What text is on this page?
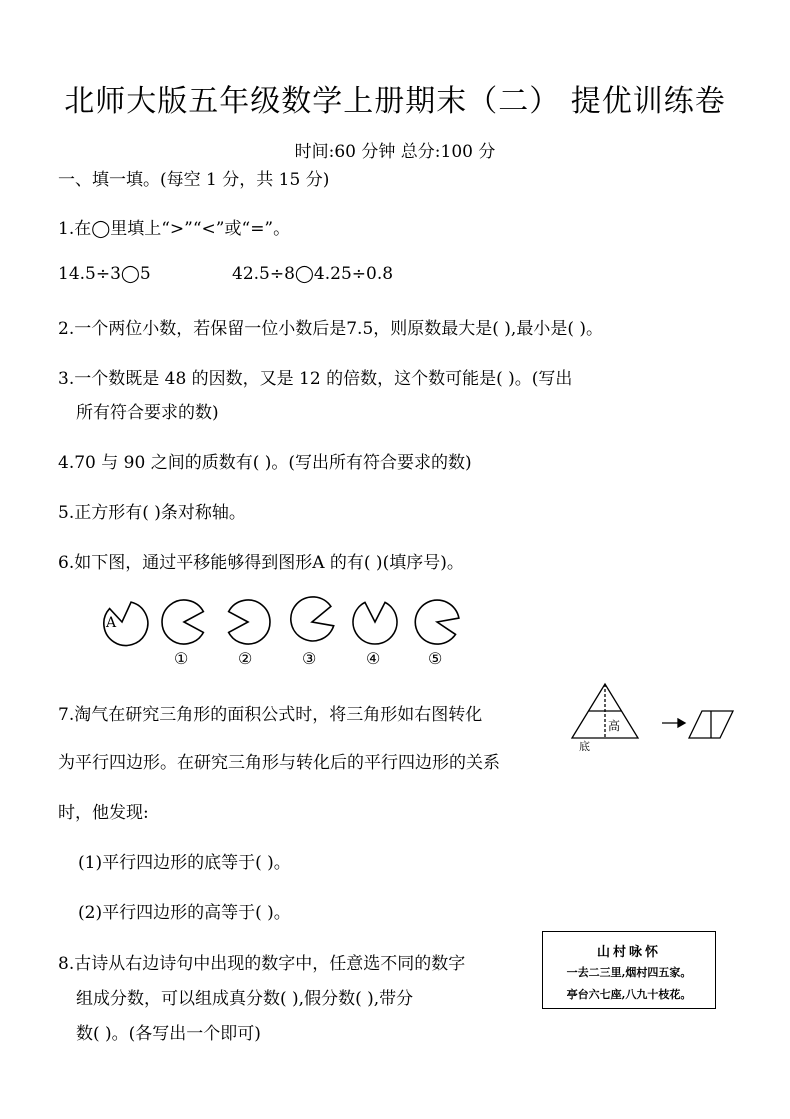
北师大版五年级数学上册期末（二） 提优训练卷
时间:60 分钟 总分:100 分
一、填一填。(每空 1 分，共 15 分)
1.在◯里填上“>”“<”或“=”。
14.5÷3◯5	42.5÷8◯4.25÷0.8
2.一个两位小数，若保留一位小数后是7.5，则原数最大是( ),最小是( )。
3.一个数既是 48 的因数，又是 12 的倍数，这个数可能是( )。(写出
所有符合要求的数)
4.70 与 90 之间的质数有( )。(写出所有符合要求的数)
5.正方形有( )条对称轴。
6.如下图，通过平移能够得到图形A 的有( )(填序号)。
A
①	②	③	④	⑤
7.淘气在研究三角形的面积公式时，将三角形如右图转化
为平行四边形。在研究三角形与转化后的平行四边形的关系
时，他发现:
(1)平行四边形的底等于( )。
(2)平行四边形的高等于( )。
高
底
8.古诗从右边诗句中出现的数字中，任意选不同的数字
组成分数，可以组成真分数( ),假分数( ),带分
数( )。(各写出一个即可)
山村咏怀
一去二三里,烟村四五家。
亭台六七座,八九十枝花。
